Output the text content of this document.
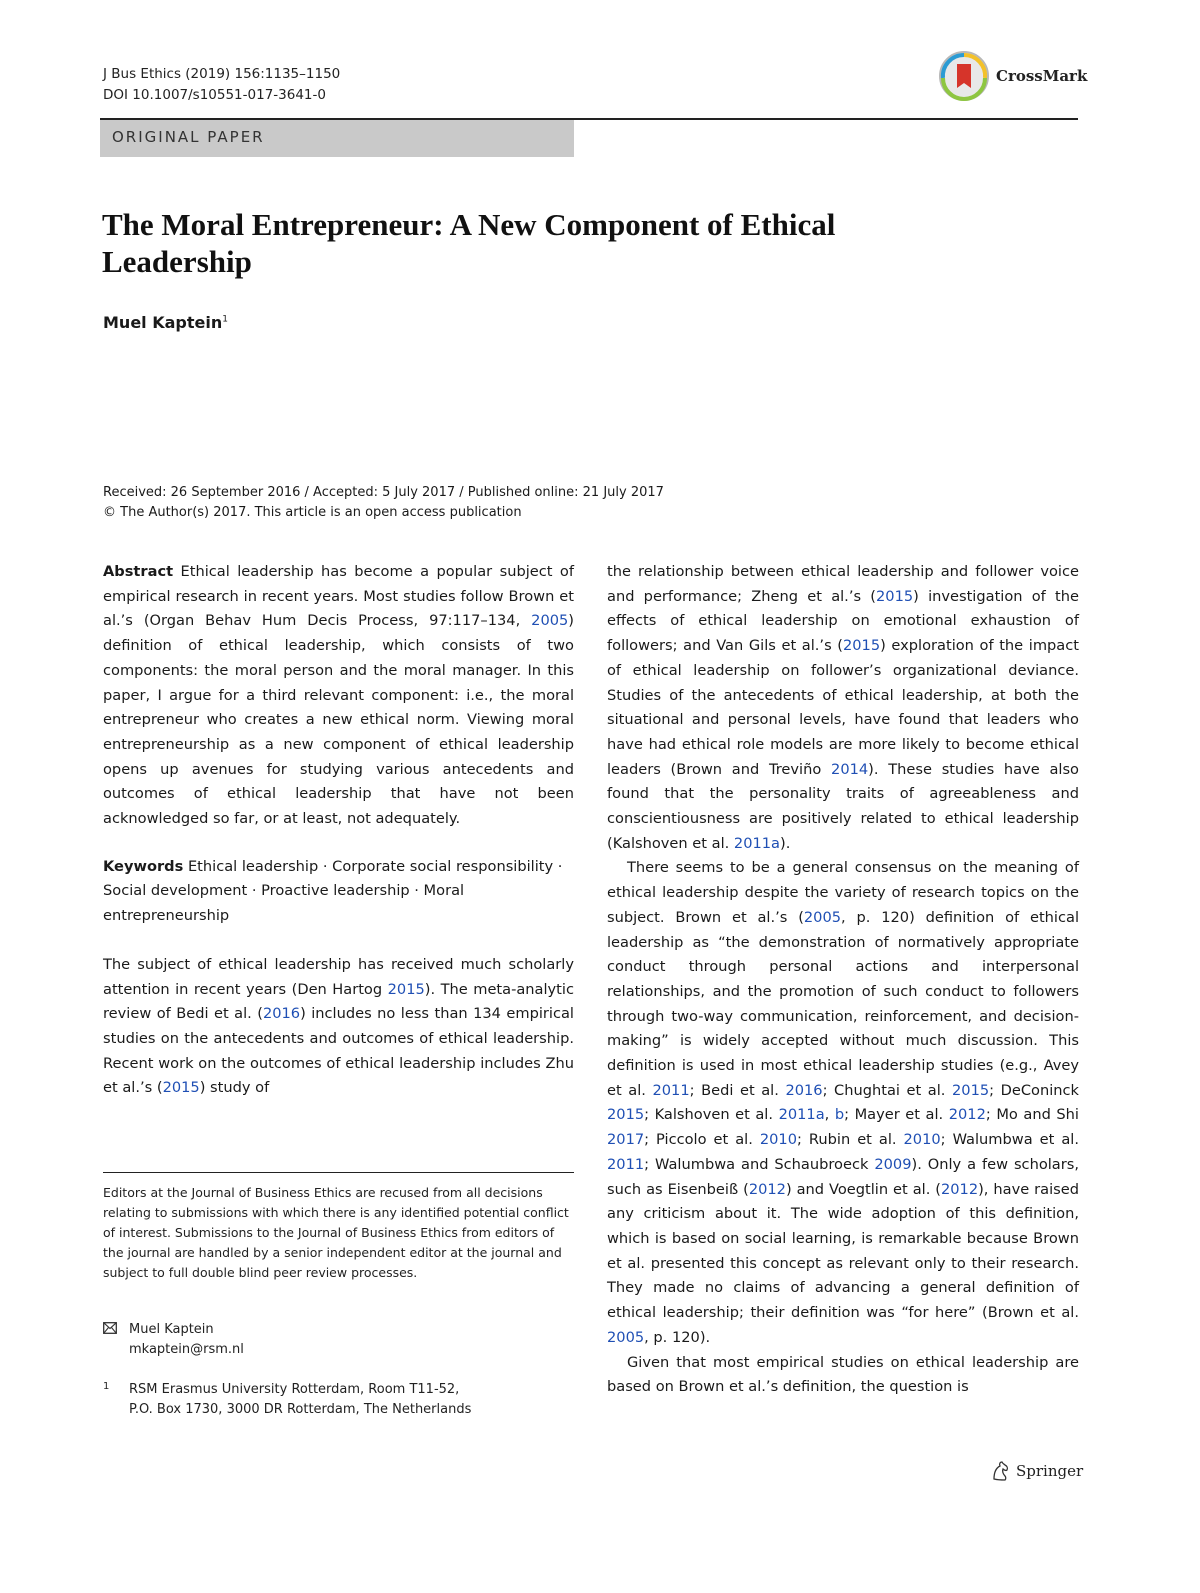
J Bus Ethics (2019) 156:1135–1150
DOI 10.1007/s10551-017-3641-0
CrossMark
ORIGINAL PAPER
The Moral Entrepreneur: A New Component of Ethical Leadership
Muel Kaptein$^1$
Received: 26 September 2016 / Accepted: 5 July 2017 / Published online: 21 July 2017
© The Author(s) 2017. This article is an open access publication

Abstract Ethical leadership has become a popular subject of empirical research in recent years. Most studies follow Brown et al.’s (Organ Behav Hum Decis Process, 97:117–134, 2005) definition of ethical leadership, which consists of two components: the moral person and the moral manager. In this paper, I argue for a third relevant component: i.e., the moral entrepreneur who creates a new ethical norm. Viewing moral entrepreneurship as a new component of ethical leadership opens up avenues for studying various antecedents and outcomes of ethical leadership that have not been acknowledged so far, or at least, not adequately.

Keywords Ethical leadership · Corporate social responsibility · Social development · Proactive leadership · Moral entrepreneurship

The subject of ethical leadership has received much scholarly attention in recent years (Den Hartog 2015). The meta-analytic review of Bedi et al. (2016) includes no less than 134 empirical studies on the antecedents and outcomes of ethical leadership. Recent work on the outcomes of ethical leadership includes Zhu et al.’s (2015) study of

Editors at the Journal of Business Ethics are recused from all decisions relating to submissions with which there is any identified potential conflict of interest. Submissions to the Journal of Business Ethics from editors of the journal are handled by a senior independent editor at the journal and subject to full double blind peer review processes.
Muel Kaptein
mkaptein@rsm.nl
1	RSM Erasmus University Rotterdam, Room T11-52,
P.O. Box 1730, 3000 DR Rotterdam, The Netherlands

the relationship between ethical leadership and follower voice and performance; Zheng et al.’s (2015) investigation of the effects of ethical leadership on emotional exhaustion of followers; and Van Gils et al.’s (2015) exploration of the impact of ethical leadership on follower’s organizational deviance. Studies of the antecedents of ethical leadership, at both the situational and personal levels, have found that leaders who have had ethical role models are more likely to become ethical leaders (Brown and Treviño 2014). These studies have also found that the personality traits of agreeableness and conscientiousness are positively related to ethical leadership (Kalshoven et al. 2011a).

There seems to be a general consensus on the meaning of ethical leadership despite the variety of research topics on the subject. Brown et al.’s (2005, p. 120) definition of ethical leadership as “the demonstration of normatively appropriate conduct through personal actions and interpersonal relationships, and the promotion of such conduct to followers through two-way communication, reinforcement, and decision-making” is widely accepted without much discussion. This definition is used in most ethical leadership studies (e.g., Avey et al. 2011; Bedi et al. 2016; Chughtai et al. 2015; DeConinck 2015; Kalshoven et al. 2011a, b; Mayer et al. 2012; Mo and Shi 2017; Piccolo et al. 2010; Rubin et al. 2010; Walumbwa et al. 2011; Walumbwa and Schaubroeck 2009). Only a few scholars, such as Eisenbeiß (2012) and Voegtlin et al. (2012), have raised any criticism about it. The wide adoption of this definition, which is based on social learning, is remarkable because Brown et al. presented this concept as relevant only to their research. They made no claims of advancing a general definition of ethical leadership; their definition was “for here” (Brown et al. 2005, p. 120).

Given that most empirical studies on ethical leadership are based on Brown et al.’s definition, the question is

Springer
